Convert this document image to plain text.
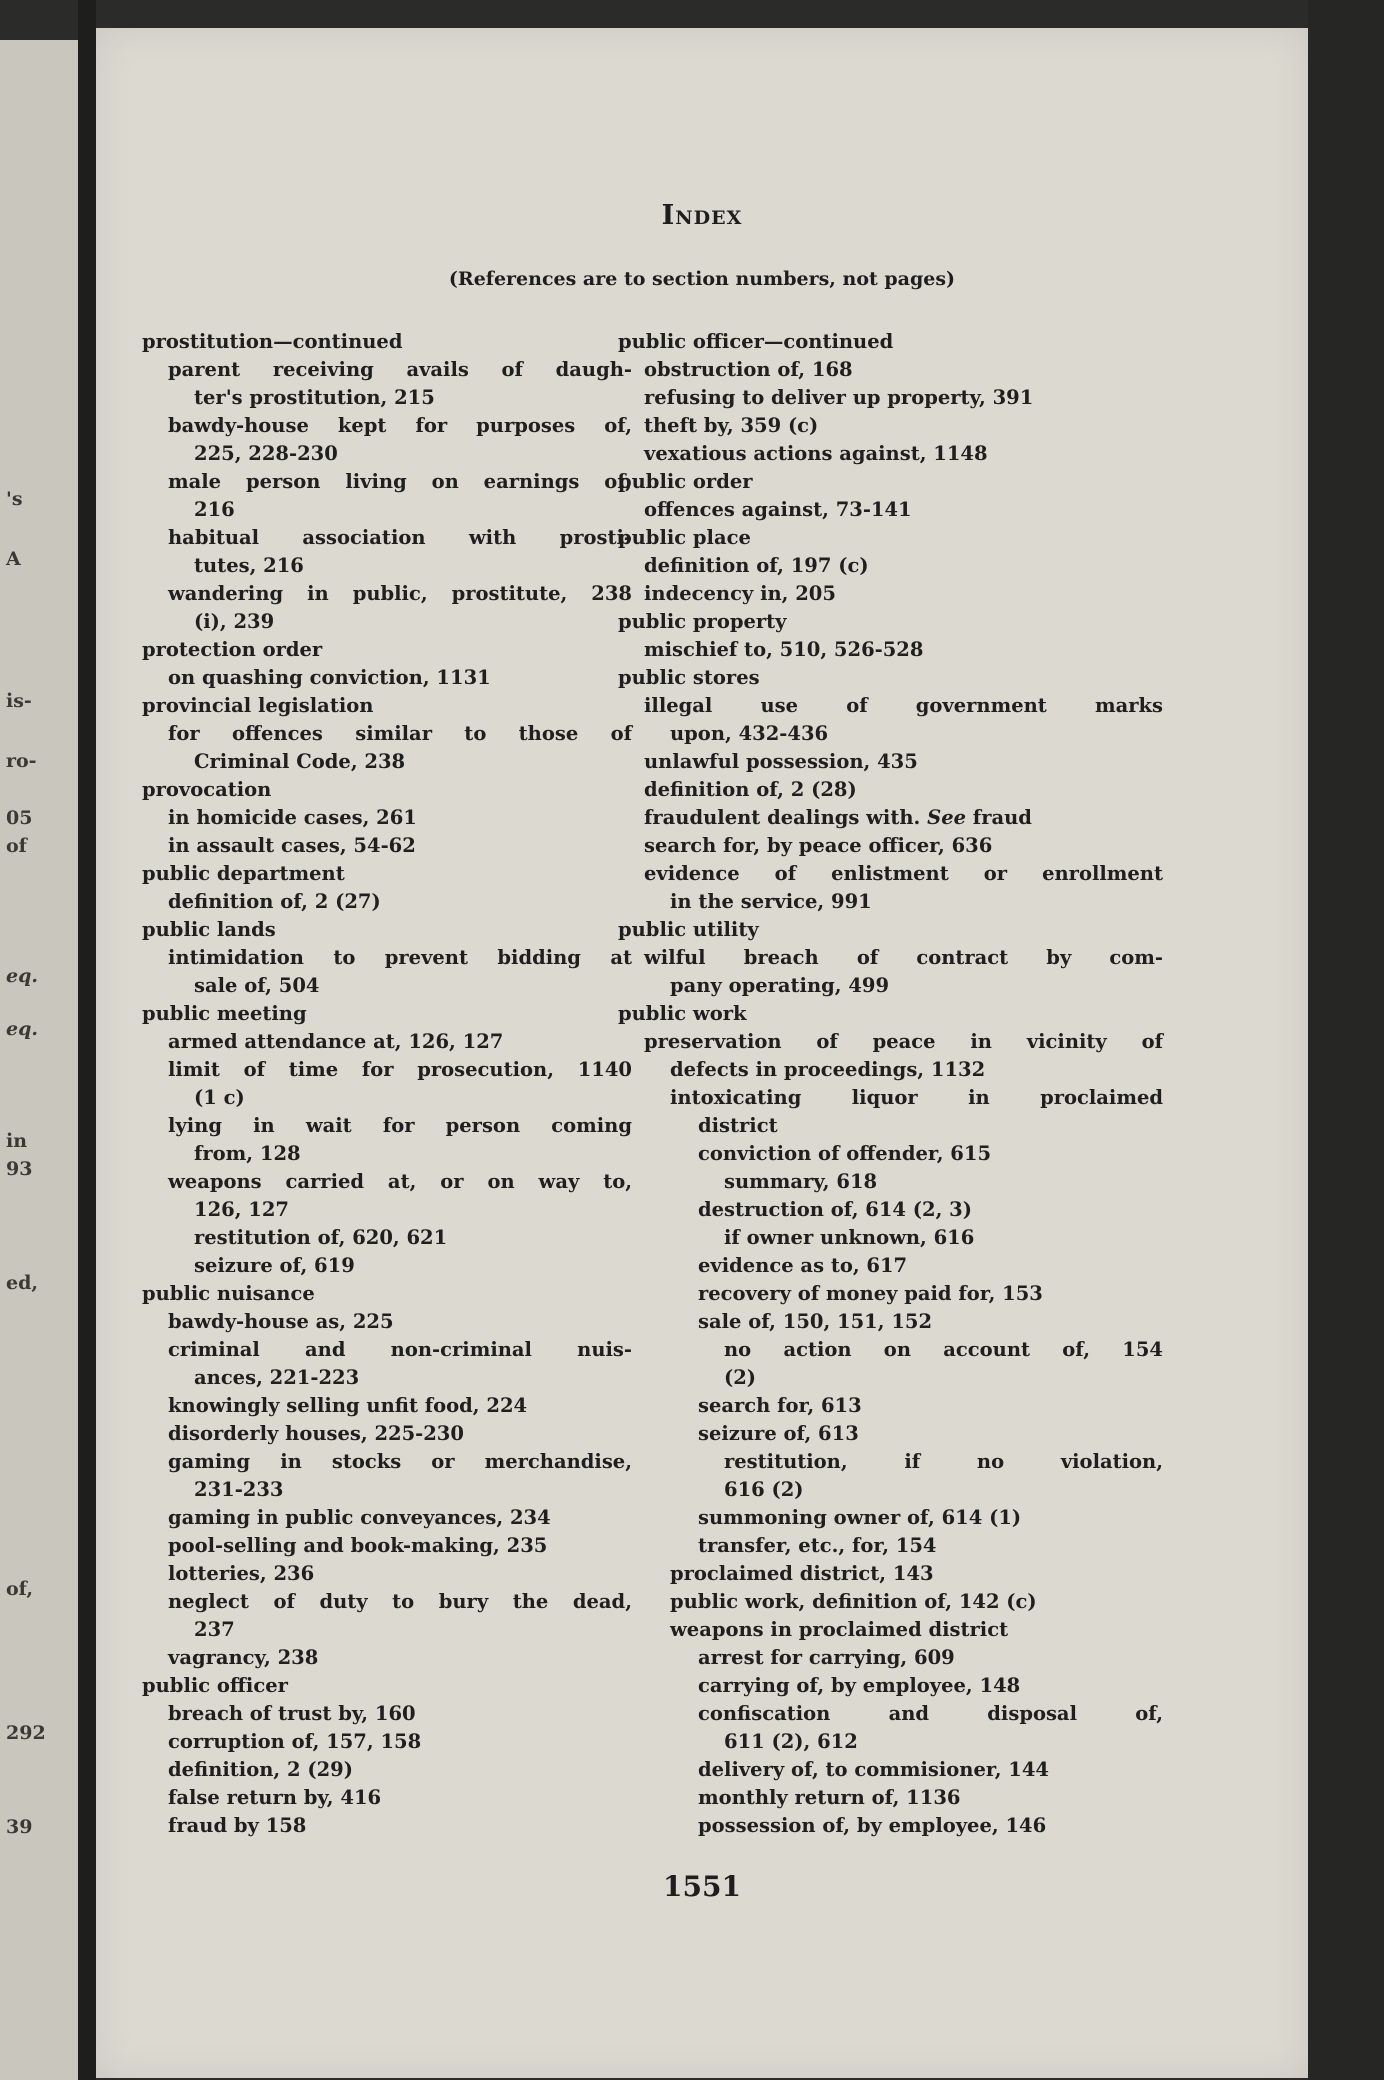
's
A
is-
ro-
05
of
eq.
eq.
in
93
ed,
of,
292
39
Index
(References are to section numbers, not pages)
prostitution—continued
parent receiving avails of daugh-
ter's prostitution, 215
bawdy-house kept for purposes of,
225, 228-230
male person living on earnings of,
216
habitual association with prosti-
tutes, 216
wandering in public, prostitute, 238
(i), 239
protection order
on quashing conviction, 1131
provincial legislation
for offences similar to those of
Criminal Code, 238
provocation
in homicide cases, 261
in assault cases, 54-62
public department
definition of, 2 (27)
public lands
intimidation to prevent bidding at
sale of, 504
public meeting
armed attendance at, 126, 127
limit of time for prosecution, 1140
(1 c)
lying in wait for person coming
from, 128
weapons carried at, or on way to,
126, 127
restitution of, 620, 621
seizure of, 619
public nuisance
bawdy-house as, 225
criminal and non-criminal nuis-
ances, 221-223
knowingly selling unfit food, 224
disorderly houses, 225-230
gaming in stocks or merchandise,
231-233
gaming in public conveyances, 234
pool-selling and book-making, 235
lotteries, 236
neglect of duty to bury the dead,
237
vagrancy, 238
public officer
breach of trust by, 160
corruption of, 157, 158
definition, 2 (29)
false return by, 416
fraud by 158
public officer—continued
obstruction of, 168
refusing to deliver up property, 391
theft by, 359 (c)
vexatious actions against, 1148
public order
offences against, 73-141
public place
definition of, 197 (c)
indecency in, 205
public property
mischief to, 510, 526-528
public stores
illegal use of government marks
upon, 432-436
unlawful possession, 435
definition of, 2 (28)
fraudulent dealings with. See fraud
search for, by peace officer, 636
evidence of enlistment or enrollment
in the service, 991
public utility
wilful breach of contract by com-
pany operating, 499
public work
preservation of peace in vicinity of
defects in proceedings, 1132
intoxicating liquor in proclaimed
district
conviction of offender, 615
summary, 618
destruction of, 614 (2, 3)
if owner unknown, 616
evidence as to, 617
recovery of money paid for, 153
sale of, 150, 151, 152
no action on account of, 154
(2)
search for, 613
seizure of, 613
restitution, if no violation,
616 (2)
summoning owner of, 614 (1)
transfer, etc., for, 154
proclaimed district, 143
public work, definition of, 142 (c)
weapons in proclaimed district
arrest for carrying, 609
carrying of, by employee, 148
confiscation and disposal of,
611 (2), 612
delivery of, to commisioner, 144
monthly return of, 1136
possession of, by employee, 146
1551
